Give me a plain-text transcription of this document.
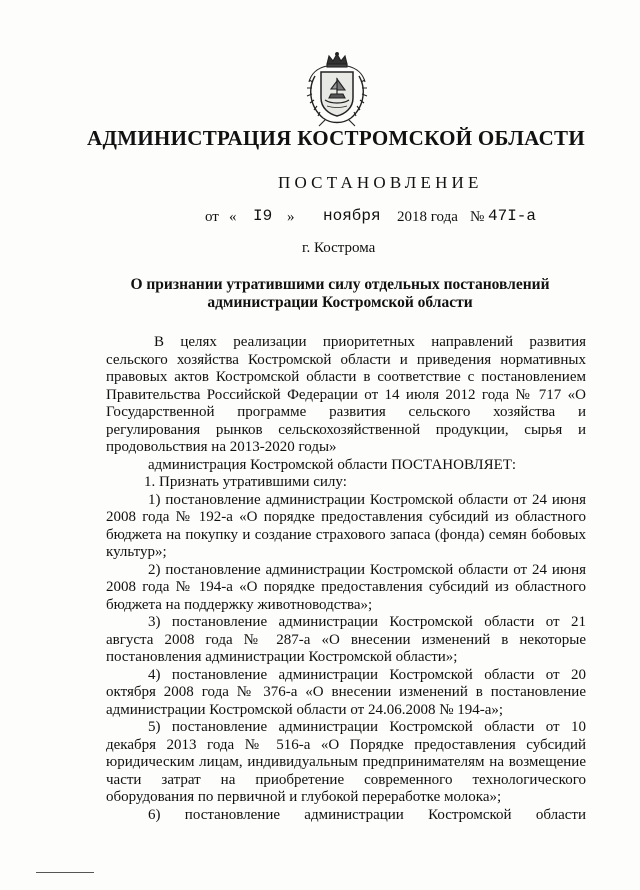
АДМИНИСТРАЦИЯ КОСТРОМСКОЙ ОБЛАСТИ
ПОСТАНОВЛЕНИЕ
от « I9 » ноября 2018 года № 47I-а
г. Кострома
О признании утратившими силу отдельных постановлений
администрации Костромской области
В целях реализации приоритетных направлений развития сельского хозяйства Костромской области и приведения нормативных правовых актов Костромской области в соответствие с постановлением Правительства Российской Федерации от 14 июля 2012 года № 717 «О Государственной программе развития сельского хозяйства и регулирования рынков сельскохозяйственной продукции, сырья и продовольствия на 2013-2020 годы»
администрация Костромской области ПОСТАНОВЛЯЕТ:
1. Признать утратившими силу:
1) постановление администрации Костромской области от 24 июня 2008 года № 192-а «О порядке предоставления субсидий из областного бюджета на покупку и создание страхового запаса (фонда) семян бобовых культур»;
2) постановление администрации Костромской области от 24 июня 2008 года № 194-а «О порядке предоставления субсидий из областного бюджета на поддержку животноводства»;
3) постановление администрации Костромской области от 21 августа 2008 года № 287-а «О внесении изменений в некоторые постановления администрации Костромской области»;
4) постановление администрации Костромской области от 20 октября 2008 года № 376-а «О внесении изменений в постановление администрации Костромской области от 24.06.2008 № 194-а»;
5) постановление администрации Костромской области от 10 декабря 2013 года № 516-а «О Порядке предоставления субсидий юридическим лицам, индивидуальным предпринимателям на возмещение части затрат на приобретение современного технологического оборудования по первичной и глубокой переработке молока»;
6) постановление администрации Костромской области
